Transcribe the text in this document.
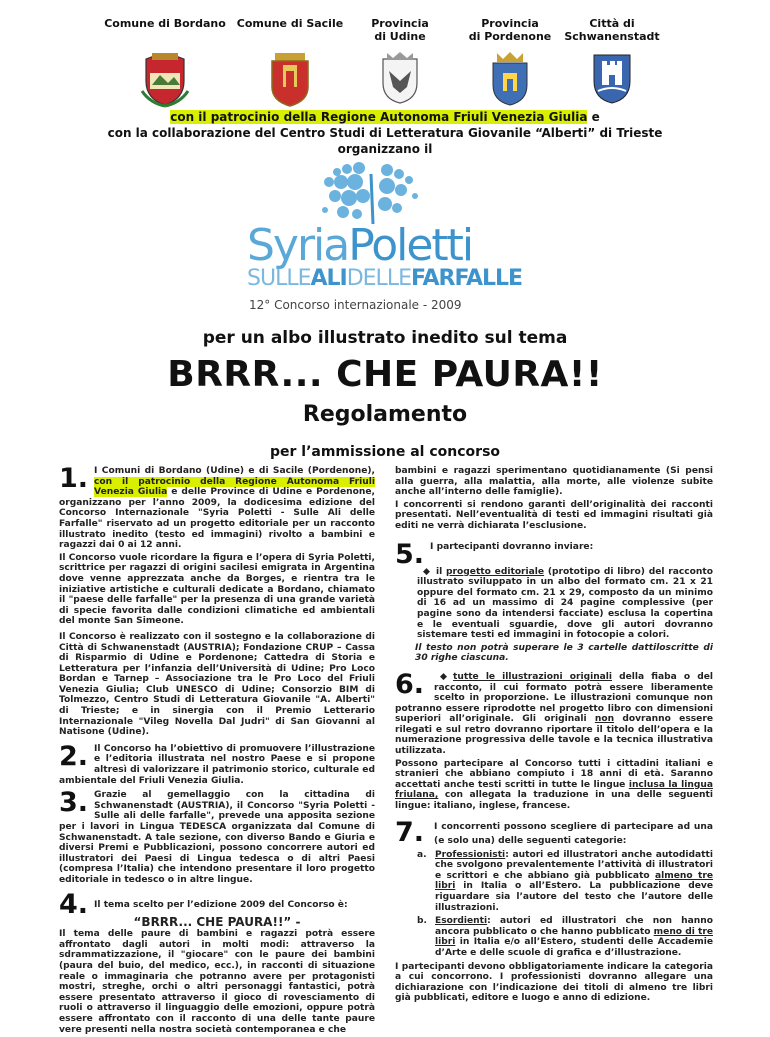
Comune di Bordano	Comune di Sacile	Provincia
di Udine
Provincia
di Pordenone
Città di
Schwanenstadt
con il patrocinio della Regione Autonoma Friuli Venezia Giulia e
con la collaborazione del Centro Studi di Letteratura Giovanile “Alberti” di Trieste
organizzano il
SyriaPoletti
SULLEALIDELLEFARFALLE
12° Concorso internazionale - 2009
per un albo illustrato inedito sul tema
BRRR... CHE PAURA!!
Regolamento
per l’ammissione al concorso

1. I Comuni di Bordano (Udine) e di Sacile (Pordenone), con il patrocinio della Regione Autonoma Friuli Venezia Giulia e delle Province di Udine e Pordenone, organizzano per l’anno 2009, la dodicesima edizione del Concorso Internazionale "Syria Poletti - Sulle Ali delle Farfalle" riservato ad un progetto editoriale per un racconto illustrato inedito (testo ed immagini) rivolto a bambini e ragazzi dai 0 ai 12 anni.

Il Concorso vuole ricordare la figura e l’opera di Syria Poletti, scrittrice per ragazzi di origini sacilesi emigrata in Argentina dove venne apprezzata anche da Borges, e rientra tra le iniziative artistiche e culturali dedicate a Bordano, chiamato il "paese delle farfalle" per la presenza di una grande varietà di specie favorita dalle condizioni climatiche ed ambientali del monte San Simeone.

Il Concorso è realizzato con il sostegno e la collaborazione di Città di Schwanenstadt (AUSTRIA); Fondazione CRUP – Cassa di Risparmio di Udine e Pordenone; Cattedra di Storia e Letteratura per l’infanzia dell’Università di Udine; Pro Loco Bordan e Tarnep – Associazione tra le Pro Loco del Friuli Venezia Giulia; Club UNESCO di Udine; Consorzio BIM di Tolmezzo, Centro Studi di Letteratura Giovanile "A. Alberti" di Trieste; e in sinergia con il Premio Letterario Internazionale "Vileg Novella Dal Judri" di San Giovanni al Natisone (Udine).

2. Il Concorso ha l’obiettivo di promuovere l’illustrazione e l’editoria illustrata nel nostro Paese e si propone altresì di valorizzare il patrimonio storico, culturale ed ambientale del Friuli Venezia Giulia.

3. Grazie al gemellaggio con la cittadina di Schwanenstadt (AUSTRIA), il Concorso "Syria Poletti - Sulle ali delle farfalle", prevede una apposita sezione per i lavori in Lingua TEDESCA organizzata dal Comune di Schwanenstadt. A tale sezione, con diverso Bando e Giuria e diversi Premi e Pubblicazioni, possono concorrere autori ed illustratori dei Paesi di Lingua tedesca o di altri Paesi (compresa l’Italia) che intendono presentare il loro progetto editoriale in tedesco o in altre lingue.

4. Il tema scelto per l’edizione 2009 del Concorso è:

“BRRR... CHE PAURA!!” -

Il tema delle paure di bambini e ragazzi potrà essere affrontato dagli autori in molti modi: attraverso la sdrammatizzazione, il "giocare" con le paure dei bambini (paura del buio, del medico, ecc.), in racconti di situazione reale o immaginaria che potranno avere per protagonisti mostri, streghe, orchi o altri personaggi fantastici, potrà essere presentato attraverso il gioco di rovesciamento di ruoli o attraverso il linguaggio delle emozioni, oppure potrà essere affrontato con il racconto di una delle tante paure vere presenti nella nostra società contemporanea e che

bambini e ragazzi sperimentano quotidianamente (Si pensi alla guerra, alla malattia, alla morte, alle violenze subite anche all’interno delle famiglie).

I concorrenti si rendono garanti dell’originalità dei racconti presentati. Nell’eventualità di testi ed immagini risultati già editi ne verrà dichiarata l’esclusione.

5. I partecipanti dovranno inviare:

◆ il progetto editoriale (prototipo di libro) del racconto illustrato sviluppato in un albo del formato cm. 21 x 21 oppure del formato cm. 21 x 29, composto da un minimo di 16 ad un massimo di 24 pagine complessive (per pagine sono da intendersi facciate) esclusa la copertina e le eventuali sguardie, dove gli autori dovranno sistemare testi ed immagini in fotocopie a colori.

Il testo non potrà superare le 3 cartelle dattiloscritte di 30 righe ciascuna.

6. ◆ tutte le illustrazioni originali della fiaba o del racconto, il cui formato potrà essere liberamente scelto in proporzione. Le illustrazioni comunque non potranno essere riprodotte nel progetto libro con dimensioni superiori all’originale. Gli originali non dovranno essere rilegati e sul retro dovranno riportare il titolo dell’opera e la numerazione progressiva delle tavole e la tecnica illustrativa utilizzata.

Possono partecipare al Concorso tutti i cittadini italiani e stranieri che abbiano compiuto i 18 anni di età. Saranno accettati anche testi scritti in tutte le lingue inclusa la lingua friulana, con allegata la traduzione in una delle seguenti lingue: italiano, inglese, francese.

7. I concorrenti possono scegliere di partecipare ad una (e solo una) delle seguenti categorie:

a. Professionisti: autori ed illustratori anche autodidatti che svolgono prevalentemente l’attività di illustratori e scrittori e che abbiano già pubblicato almeno tre libri in Italia o all’Estero. La pubblicazione deve riguardare sia l’autore del testo che l’autore delle illustrazioni.
b. Esordienti: autori ed illustratori che non hanno ancora pubblicato o che hanno pubblicato meno di tre libri in Italia e/o all’Estero, studenti delle Accademie d’Arte e delle scuole di grafica e d’illustrazione.

I partecipanti devono obbligatoriamente indicare la categoria a cui concorrono. I professionisti dovranno allegare una dichiarazione con l’indicazione dei titoli di almeno tre libri già pubblicati, editore e luogo e anno di edizione.
